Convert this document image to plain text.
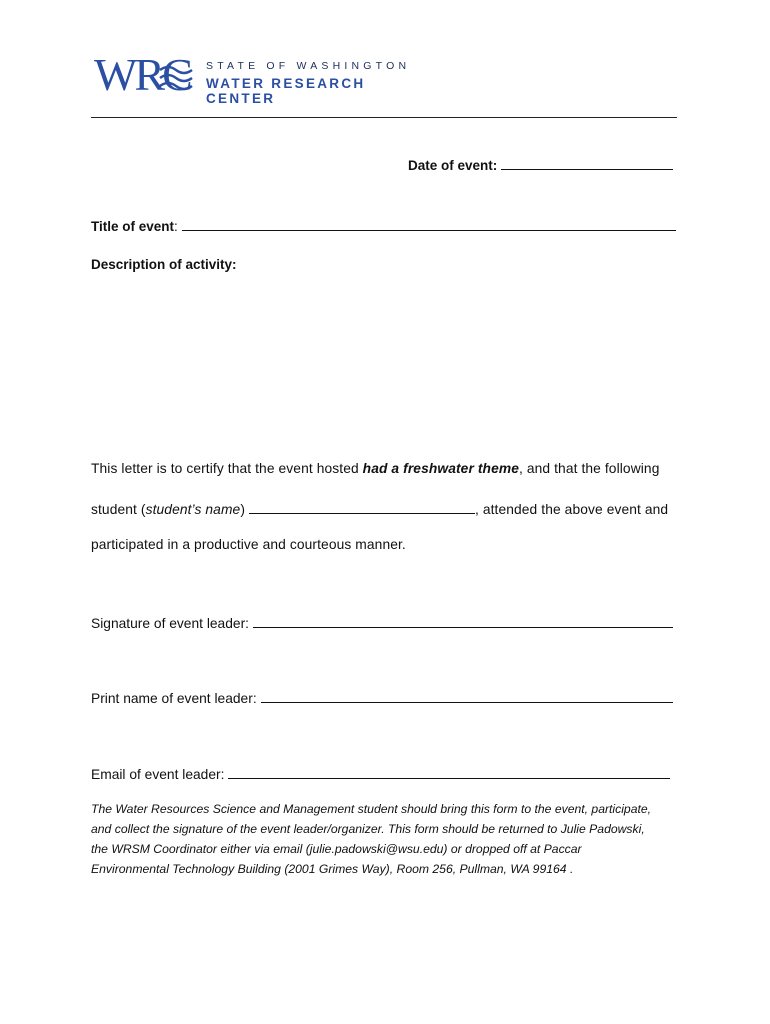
WRC STATE OF WASHINGTON
WATER RESEARCH CENTER
Date of event:
Title of event:
Description of activity:
This letter is to certify that the event hosted had a freshwater theme, and that the following
student (student’s name)	, attended the above event and
participated in a productive and courteous manner.
Signature of event leader:
Print name of event leader:
Email of event leader:
The Water Resources Science and Management student should bring this form to the event, participate,
and collect the signature of the event leader/organizer. This form should be returned to Julie Padowski,
the WRSM Coordinator either via email (julie.padowski@wsu.edu) or dropped off at Paccar
Environmental Technology Building (2001 Grimes Way), Room 256, Pullman, WA 99164 .
